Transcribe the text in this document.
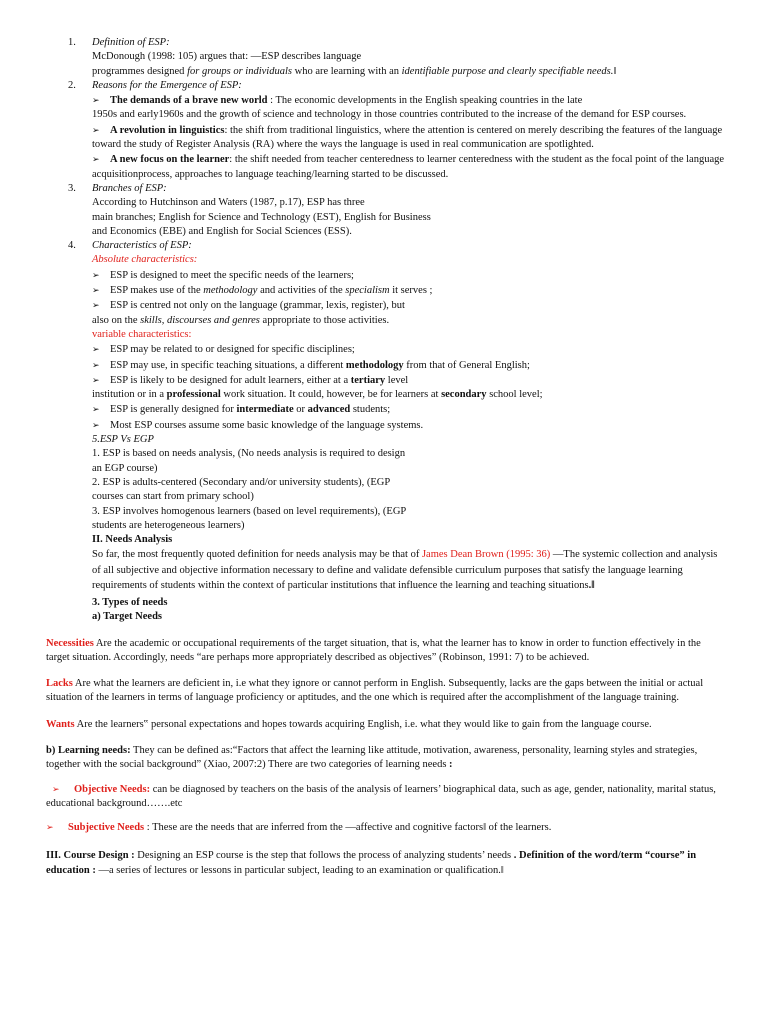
1. Definition of ESP:

McDonough (1998: 105) argues that: ―ESP describes language

programmes designed for groups or individuals who are learning with an identifiable purpose and clearly specifiable needs.‖

2. Reasons for the Emergence of ESP:

➢ The demands of a brave new world : The economic developments in the English speaking countries in the late

1950s and early1960s and the growth of science and technology in those countries contributed to the increase of the demand for ESP courses.

➢ A revolution in linguistics: the shift from traditional linguistics, where the attention is centered on merely describing the features of the language toward the study of Register Analysis (RA) where the ways the language is used in real communication are spotlighted.

➢ A new focus on the learner: the shift needed from teacher centeredness to learner centeredness with the student as the focal point of the language acquisitionprocess, approaches to language teaching/learning started to be discussed.

3. Branches of ESP:

According to Hutchinson and Waters (1987, p.17), ESP has three

main branches; English for Science and Technology (EST), English for Business

and Economics (EBE) and English for Social Sciences (ESS).

4. Characteristics of ESP:

Absolute characteristics:

➢ ESP is designed to meet the specific needs of the learners;

➢ ESP makes use of the methodology and activities of the specialism it serves ;

➢ ESP is centred not only on the language (grammar, lexis, register), but

also on the skills, discourses and genres appropriate to those activities.

variable characteristics:

➢ ESP may be related to or designed for specific disciplines;

➢ ESP may use, in specific teaching situations, a different methodology from that of General English;

➢ ESP is likely to be designed for adult learners, either at a tertiary level

institution or in a professional work situation. It could, however, be for learners at secondary school level;

➢ ESP is generally designed for intermediate or advanced students;

➢ Most ESP courses assume some basic knowledge of the language systems.

5.ESP Vs EGP

1. ESP is based on needs analysis, (No needs analysis is required to design

an EGP course)

2. ESP is adults-centered (Secondary and/or university students), (EGP

courses can start from primary school)

3. ESP involves homogenous learners (based on level requirements), (EGP

students are heterogeneous learners)

II. Needs Analysis

So far, the most frequently quoted definition for needs analysis may be that of James Dean Brown (1995: 36) ―The systemic collection and analysis of all subjective and objective information necessary to define and validate defensible curriculum purposes that satisfy the language learning requirements of students within the context of particular institutions that influence the learning and teaching situations.‖

3. Types of needs

a) Target Needs

Necessities Are the academic or occupational requirements of the target situation, that is, what the learner has to know in order to function effectively in the target situation. Accordingly, needs “are perhaps more appropriately described as objectives” (Robinson, 1991: 7) to be achieved.

Lacks Are what the learners are deficient in, i.e what they ignore or cannot perform in English. Subsequently, lacks are the gaps between the initial or actual situation of the learners in terms of language proficiency or aptitudes, and the one which is required after the accomplishment of the language training.

Wants Are the learners‟ personal expectations and hopes towards acquiring English, i.e. what they would like to gain from the language course.

b) Learning needs: They can be defined as:“Factors that affect the learning like attitude, motivation, awareness, personality, learning styles and strategies, together with the social background” (Xiao, 2007:2) There are two categories of learning needs :

➢ Objective Needs: can be diagnosed by teachers on the basis of the analysis of learners’ biographical data, such as age, gender, nationality, marital status, educational background…….etc

➢ Subjective Needs : These are the needs that are inferred from the ―affective and cognitive factors‖ of the learners.

III. Course Design : Designing an ESP course is the step that follows the process of analyzing students’ needs . Definition of the word/term “course” in education : ―a series of lectures or lessons in particular subject, leading to an examination or qualification.‖
